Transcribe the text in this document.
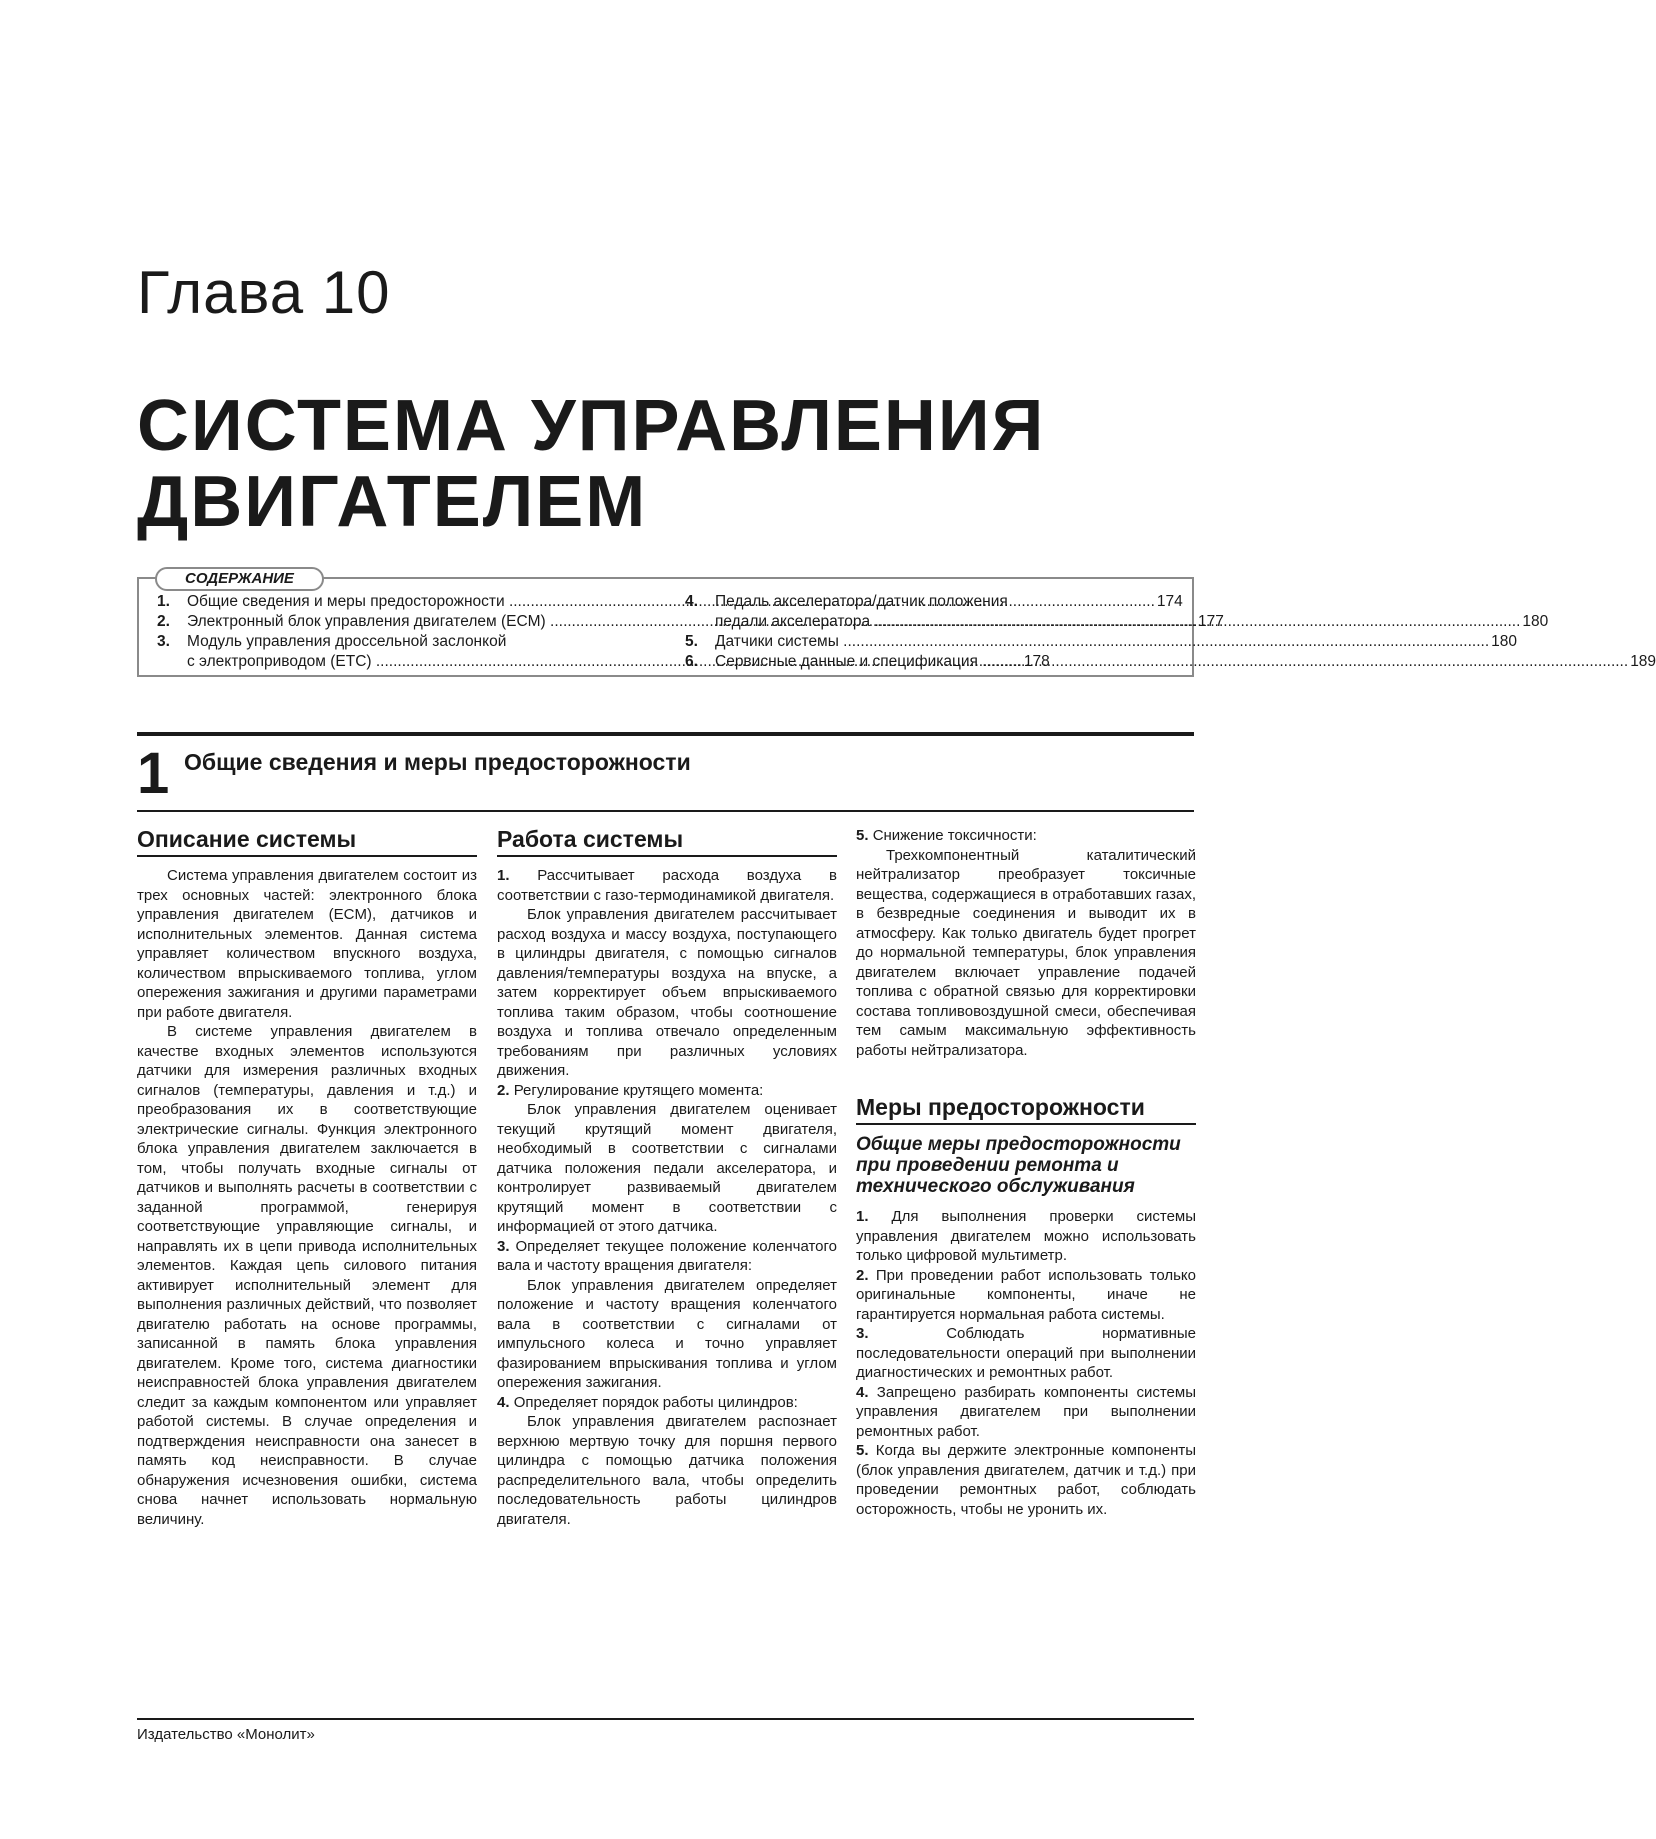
Глава 10
СИСТЕМА УПРАВЛЕНИЯ ДВИГАТЕЛЕМ
СОДЕРЖАНИЕ
1.	Общие сведения и меры предосторожности .....	174
2.	Электронный блок управления двигателем (ECM) .....	177
3.	Модуль управления дроссельной заслонкой
с электроприводом (ETC) .....	178
4.	Педаль акселератора/датчик положения
педали акселератора .....	180
5.	Датчики системы .....	180
6.	Сервисные данные и спецификация .....	189
1 Общие сведения и меры предосторожности
Описание системы

Система управления двигателем состоит из трех основных частей: электронного блока управления двигателем (ECM), датчиков и исполнительных элементов. Данная система управляет количеством впускного воздуха, количеством впрыскиваемого топлива, углом опережения зажигания и другими параметрами при работе двигателя.

В системе управления двигателем в качестве входных элементов используются датчики для измерения различных входных сигналов (температуры, давления и т.д.) и преобразования их в соответствующие электрические сигналы. Функция электронного блока управления двигателем заключается в том, чтобы получать входные сигналы от датчиков и выполнять расчеты в соответствии с заданной программой, генерируя соответствующие управляющие сигналы, и направлять их в цепи привода исполнительных элементов. Каждая цепь силового питания активирует исполнительный элемент для выполнения различных действий, что позволяет двигателю работать на основе программы, записанной в память блока управления двигателем. Кроме того, система диагностики неисправностей блока управления двигателем следит за каждым компонентом или управляет работой системы. В случае определения и подтверждения неисправности она занесет в память код неисправности. В случае обнаружения исчезновения ошибки, система снова начнет использовать нормальную величину.

Работа системы

1. Рассчитывает расхода воздуха в соответствии с газо-термодинамикой двигателя.

Блок управления двигателем рассчитывает расход воздуха и массу воздуха, поступающего в цилиндры двигателя, с помощью сигналов давления/температуры воздуха на впуске, а затем корректирует объем впрыскиваемого топлива таким образом, чтобы соотношение воздуха и топлива отвечало определенным требованиям при различных условиях движения.

2. Регулирование крутящего момента:

Блок управления двигателем оценивает текущий крутящий момент двигателя, необходимый в соответствии с сигналами датчика положения педали акселератора, и контролирует развиваемый двигателем крутящий момент в соответствии с информацией от этого датчика.

3. Определяет текущее положение коленчатого вала и частоту вращения двигателя:

Блок управления двигателем определяет положение и частоту вращения коленчатого вала в соответствии с сигналами от импульсного колеса и точно управляет фазированием впрыскивания топлива и углом опережения зажигания.

4. Определяет порядок работы цилиндров:

Блок управления двигателем распознает верхнюю мертвую точку для поршня первого цилиндра с помощью датчика положения распределительного вала, чтобы определить последовательность работы цилиндров двигателя.

5. Снижение токсичности:

Трехкомпонентный каталитический нейтрализатор преобразует токсичные вещества, содержащиеся в отработавших газах, в безвредные соединения и выводит их в атмосферу. Как только двигатель будет прогрет до нормальной температуры, блок управления двигателем включает управление подачей топлива с обратной связью для корректировки состава топливовоздушной смеси, обеспечивая тем самым максимальную эффективность работы нейтрализатора.

Меры предосторожности
Общие меры предосторожности при проведении ремонта и технического обслуживания

1. Для выполнения проверки системы управления двигателем можно использовать только цифровой мультиметр.

2. При проведении работ использовать только оригинальные компоненты, иначе не гарантируется нормальная работа системы.

3.	Соблюдать нормативные последовательности операций при выполнении диагностических и ремонтных работ.

4. Запрещено разбирать компоненты системы управления двигателем при выполнении ремонтных работ.

5. Когда вы держите электронные компоненты (блок управления двигателем, датчик и т.д.) при проведении ремонтных работ, соблюдать осторожность, чтобы не уронить их.

Издательство «Монолит»
